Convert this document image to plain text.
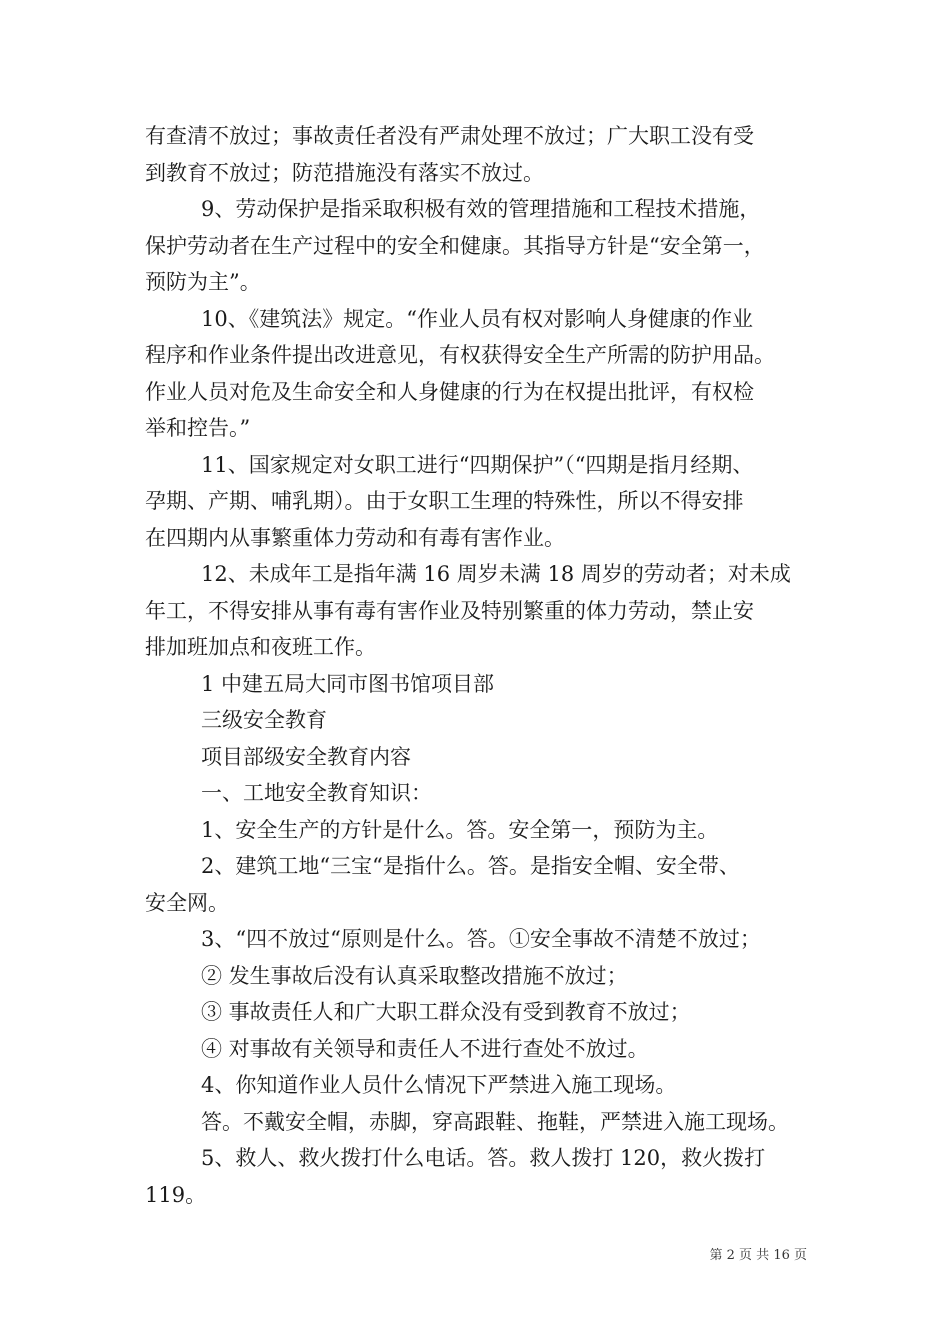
有查清不放过；事故责任者没有严肃处理不放过；广大职工没有受
到教育不放过；防范措施没有落实不放过。
9、劳动保护是指采取积极有效的管理措施和工程技术措施，
保护劳动者在生产过程中的安全和健康。其指导方针是“安全第一，
预防为主”。
10、《建筑法》规定。“作业人员有权对影响人身健康的作业
程序和作业条件提出改进意见，有权获得安全生产所需的防护用品。
作业人员对危及生命安全和人身健康的行为在权提出批评，有权检
举和控告。”
11、国家规定对女职工进行“四期保护”（“四期是指月经期、
孕期、产期、哺乳期）。由于女职工生理的特殊性，所以不得安排
在四期内从事繁重体力劳动和有毒有害作业。
12、未成年工是指年满 16 周岁未满 18 周岁的劳动者；对未成
年工，不得安排从事有毒有害作业及特别繁重的体力劳动，禁止安
排加班加点和夜班工作。
1 中建五局大同市图书馆项目部
三级安全教育
项目部级安全教育内容
一、工地安全教育知识：
1、安全生产的方针是什么。答。安全第一，预防为主。
2、建筑工地“三宝“是指什么。答。是指安全帽、安全带、
安全网。
3、“四不放过“原则是什么。答。①安全事故不清楚不放过；
② 发生事故后没有认真采取整改措施不放过；
③ 事故责任人和广大职工群众没有受到教育不放过；
④ 对事故有关领导和责任人不进行查处不放过。
4、你知道作业人员什么情况下严禁进入施工现场。
答。不戴安全帽，赤脚，穿高跟鞋、拖鞋，严禁进入施工现场。
5、救人、救火拨打什么电话。答。救人拨打 120，救火拨打
119。
第 2 页 共 16 页
